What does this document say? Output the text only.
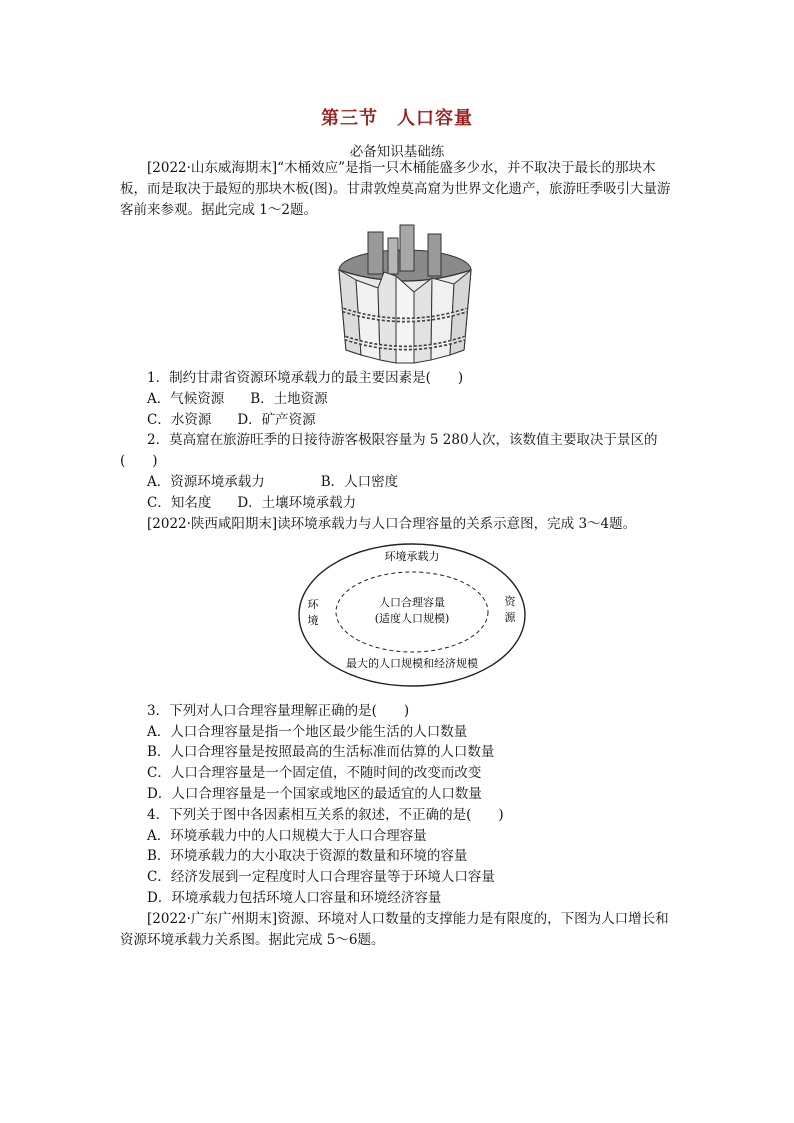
第三节　人口容量
必备知识基础练
[2022·山东威海期末]“木桶效应”是指一只木桶能盛多少水，并不取决于最长的那块木板，而是取决于最短的那块木板(图)。甘肃敦煌莫高窟为世界文化遗产，旅游旺季吸引大量游客前来参观。据此完成 1～2题。
1．制约甘肃省资源环境承载力的最主要因素是(　　)
A．气候资源 B．土地资源
C．水资源 D．矿产资源
2．莫高窟在旅游旺季的日接待游客极限容量为 5 280人次，该数值主要取决于景区的
(　　)
A．资源环境承载力	B．人口密度
C．知名度 D．土壤环境承载力
[2022·陕西咸阳期末]读环境承载力与人口合理容量的关系示意图，完成 3～4题。
环境承载力
环
境
资
源
人口合理容量
(适度人口规模)
最大的人口规模和经济规模
3．下列对人口合理容量理解正确的是(　　)
A．人口合理容量是指一个地区最少能生活的人口数量
B．人口合理容量是按照最高的生活标准而估算的人口数量
C．人口合理容量是一个固定值，不随时间的改变而改变
D．人口合理容量是一个国家或地区的最适宜的人口数量
4．下列关于图中各因素相互关系的叙述，不正确的是(　　)
A．环境承载力中的人口规模大于人口合理容量
B．环境承载力的大小取决于资源的数量和环境的容量
C．经济发展到一定程度时人口合理容量等于环境人口容量
D．环境承载力包括环境人口容量和环境经济容量
[2022·广东广州期末]资源、环境对人口数量的支撑能力是有限度的，下图为人口增长和资源环境承载力关系图。据此完成 5～6题。
